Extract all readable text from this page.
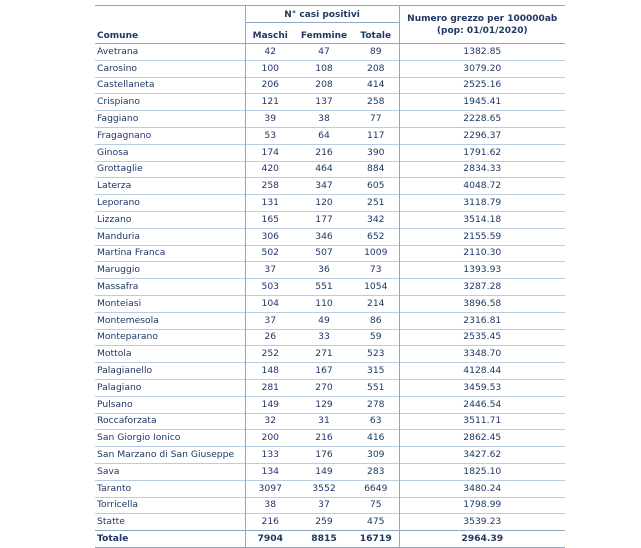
Comune	N° casi positivi			Numero grezzo per 100000ab
(pop: 01/01/2020)

	Maschi	Femmine	Totale	
Avetrana	42	47	89	1382.85
Carosino	100	108	208	3079.20
Castellaneta	206	208	414	2525.16
Crispiano	121	137	258	1945.41
Faggiano	39	38	77	2228.65
Fragagnano	53	64	117	2296.37
Ginosa	174	216	390	1791.62
Grottaglie	420	464	884	2834.33
Laterza	258	347	605	4048.72
Leporano	131	120	251	3118.79
Lizzano	165	177	342	3514.18
Manduria	306	346	652	2155.59
Martina Franca	502	507	1009	2110.30
Maruggio	37	36	73	1393.93
Massafra	503	551	1054	3287.28
Monteiasi	104	110	214	3896.58
Montemesola	37	49	86	2316.81
Monteparano	26	33	59	2535.45
Mottola	252	271	523	3348.70
Palagianello	148	167	315	4128.44
Palagiano	281	270	551	3459.53
Pulsano	149	129	278	2446.54
Roccaforzata	32	31	63	3511.71
San Giorgio Ionico	200	216	416	2862.45
San Marzano di San Giuseppe	133	176	309	3427.62
Sava	134	149	283	1825.10
Taranto	3097	3552	6649	3480.24
Torricella	38	37	75	1798.99
Statte	216	259	475	3539.23
Totale	7904	8815	16719	2964.39
